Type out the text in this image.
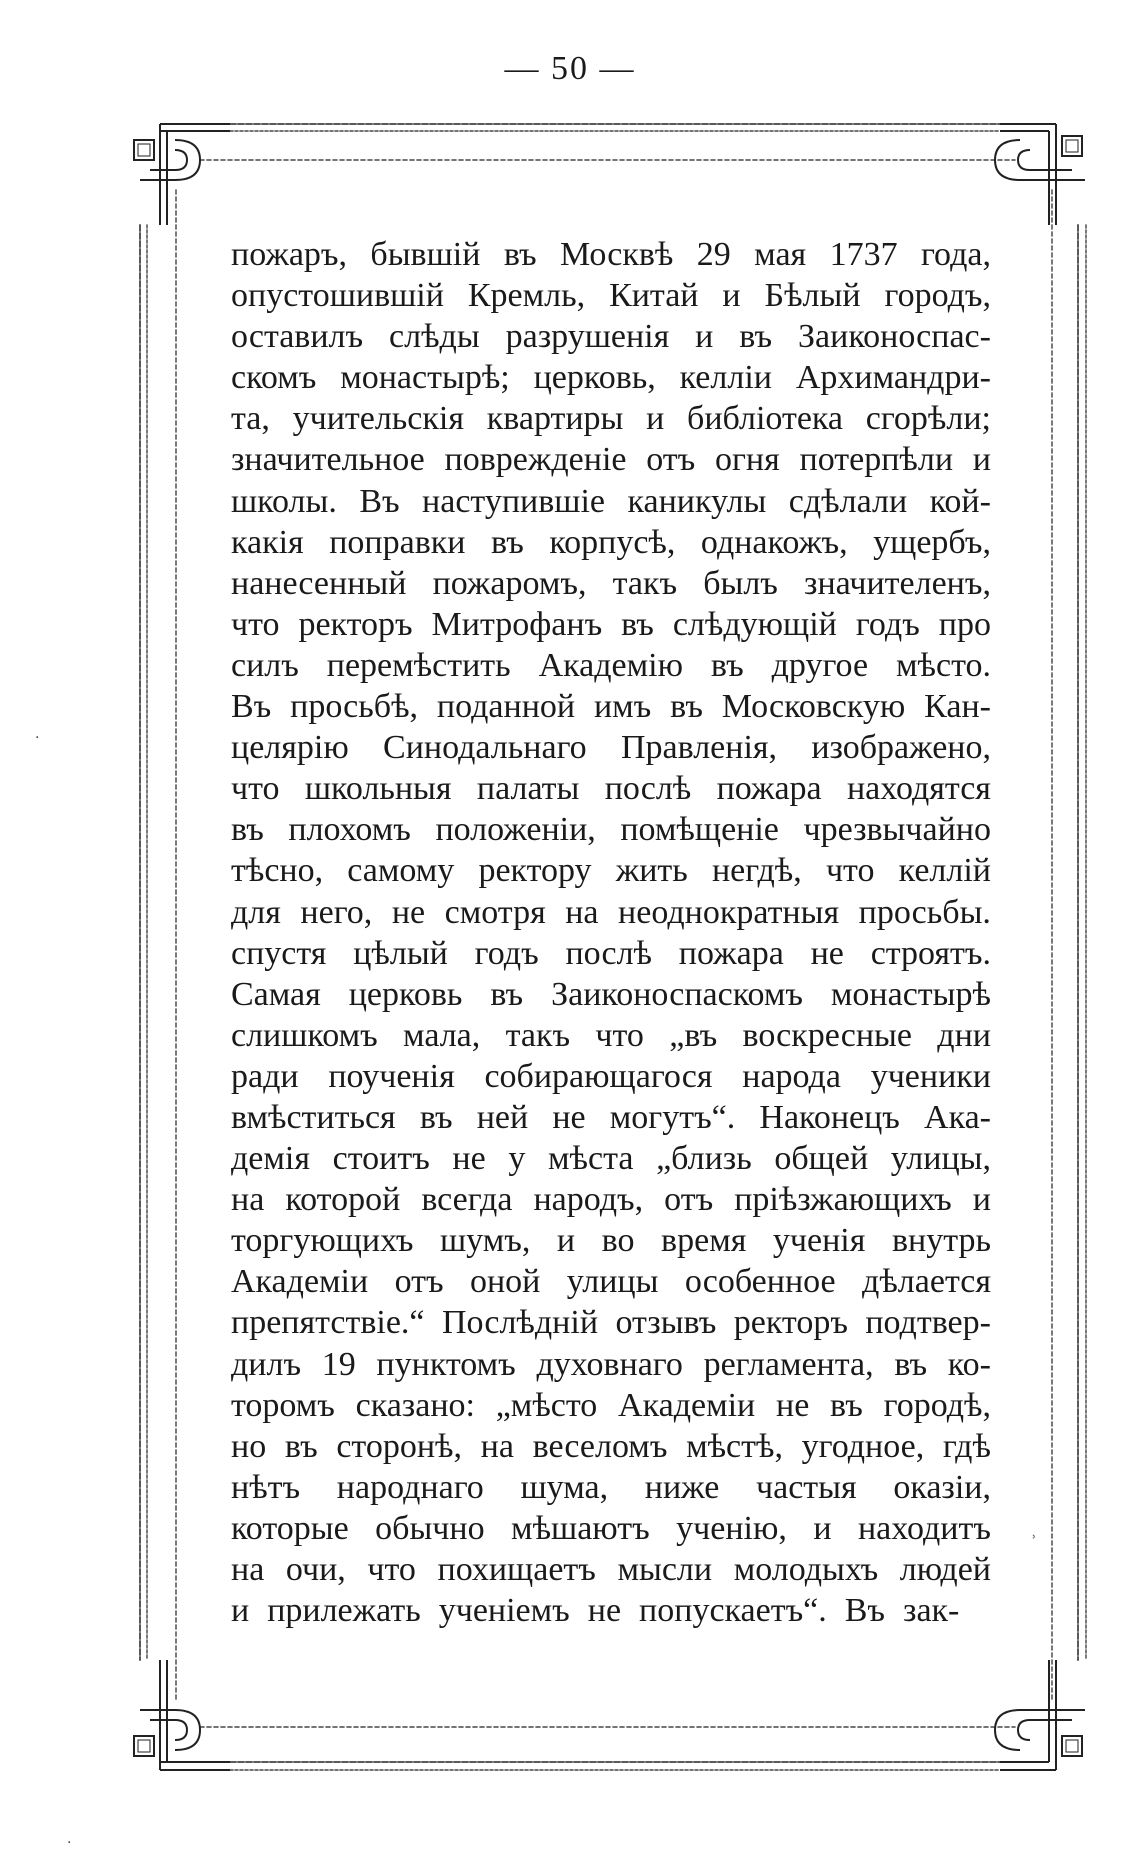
— 50 —
пожаръ, бывшій въ Москвѣ 29 мая 1737 года,
опустошившій Кремль, Китай и Бѣлый городъ,
оставилъ слѣды разрушенія и въ Заиконоспас-
скомъ монастырѣ; церковь, келліи Архимандри-
та, учительскія квартиры и библіотека сгорѣли;
значительное поврежденіе отъ огня потерпѣли и
школы. Въ наступившіе каникулы сдѣлали кой-
какія поправки въ корпусѣ, однакожъ, ущербъ,
нанесенный пожаромъ, такъ былъ значителенъ,
что ректоръ Митрофанъ въ слѣдующій годъ про
силъ перемѣстить Академію въ другое мѣсто.
Въ просьбѣ, поданной имъ въ Московскую Кан-
целярію Синодальнаго Правленія, изображено,
что школьныя палаты послѣ пожара находятся
въ плохомъ положеніи, помѣщеніе чрезвычайно
тѣсно, самому ректору жить негдѣ, что келлій
для него, не смотря на неоднократныя просьбы.
спустя цѣлый годъ послѣ пожара не строятъ.
Самая церковь въ Заиконоспаскомъ монастырѣ
слишкомъ мала, такъ что „въ воскресные дни
ради поученія собирающагося народа ученики
вмѣститься въ ней не могутъ“. Наконецъ Ака-
демія стоитъ не у мѣста „близь общей улицы,
на которой всегда народъ, отъ пріѣзжающихъ и
торгующихъ шумъ, и во время ученія внутрь
Академіи отъ оной улицы особенное дѣлается
препятствіе.“ Послѣдній отзывъ ректоръ подтвер-
дилъ 19 пунктомъ духовнаго регламента, въ ко-
торомъ сказано: „мѣсто Академіи не въ городѣ,
но въ сторонѣ, на веселомъ мѣстѣ, угодное, гдѣ
нѣтъ народнаго шума, ниже частыя оказіи,
которые обычно мѣшаютъ ученію, и находитъ
на очи, что похищаетъ мысли молодыхъ людей
и прилежать ученіемъ не попускаетъ“. Въ зак-
·
˒
·
